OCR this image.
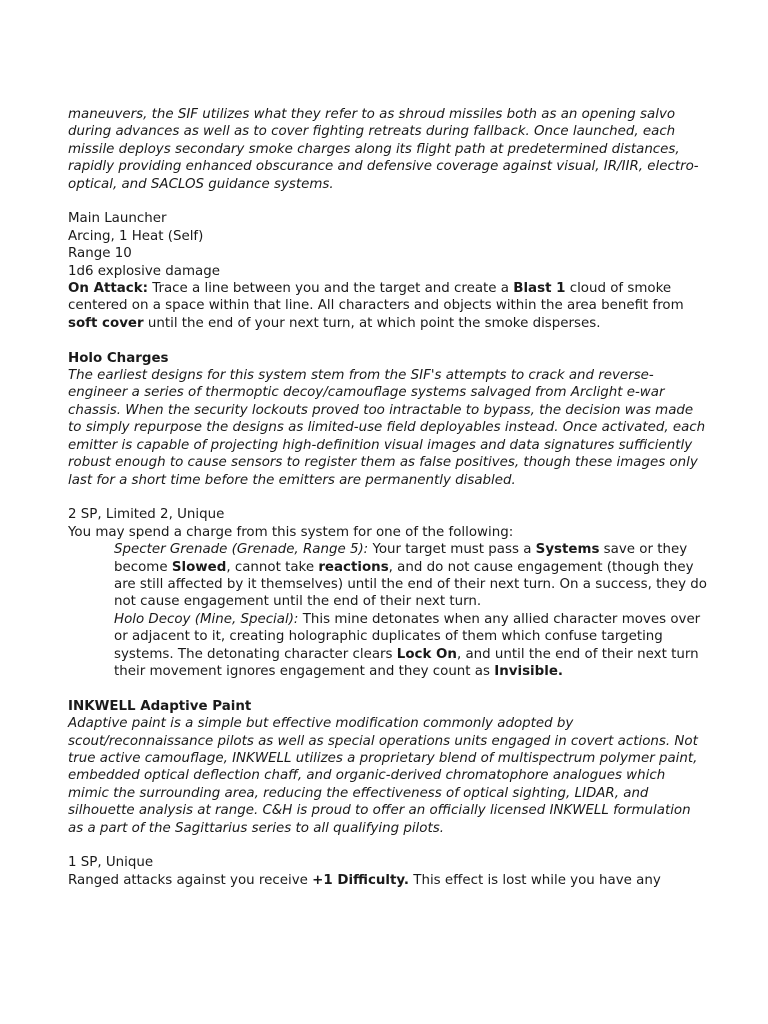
maneuvers, the SIF utilizes what they refer to as shroud missiles both as an opening salvo during advances as well as to cover fighting retreats during fallback. Once launched, each missile deploys secondary smoke charges along its flight path at predetermined distances, rapidly providing enhanced obscurance and defensive coverage against visual, IR/IIR, electro-optical, and SACLOS guidance systems.

Main Launcher

Arcing, 1 Heat (Self)

Range 10

1d6 explosive damage

On Attack: Trace a line between you and the target and create a Blast 1 cloud of smoke centered on a space within that line. All characters and objects within the area benefit from soft cover until the end of your next turn, at which point the smoke disperses.

Holo Charges

The earliest designs for this system stem from the SIF's attempts to crack and reverse-engineer a series of thermoptic decoy/camouflage systems salvaged from Arclight e-war chassis. When the security lockouts proved too intractable to bypass, the decision was made to simply repurpose the designs as limited-use field deployables instead. Once activated, each emitter is capable of projecting high-definition visual images and data signatures sufficiently robust enough to cause sensors to register them as false positives, though these images only last for a short time before the emitters are permanently disabled.

2 SP, Limited 2, Unique

You may spend a charge from this system for one of the following:

Specter Grenade (Grenade, Range 5): Your target must pass a Systems save or they become Slowed, cannot take reactions, and do not cause engagement (though they are still affected by it themselves) until the end of their next turn. On a success, they do not cause engagement until the end of their next turn.

Holo Decoy (Mine, Special): This mine detonates when any allied character moves over or adjacent to it, creating holographic duplicates of them which confuse targeting systems. The detonating character clears Lock On, and until the end of their next turn their movement ignores engagement and they count as Invisible.

INKWELL Adaptive Paint

Adaptive paint is a simple but effective modification commonly adopted by scout/reconnaissance pilots as well as special operations units engaged in covert actions. Not true active camouflage, INKWELL utilizes a proprietary blend of multispectrum polymer paint, embedded optical deflection chaff, and organic-derived chromatophore analogues which mimic the surrounding area, reducing the effectiveness of optical sighting, LIDAR, and silhouette analysis at range. C&H is proud to offer an officially licensed INKWELL formulation as a part of the Sagittarius series to all qualifying pilots.

1 SP, Unique

Ranged attacks against you receive +1 Difficulty. This effect is lost while you have any
